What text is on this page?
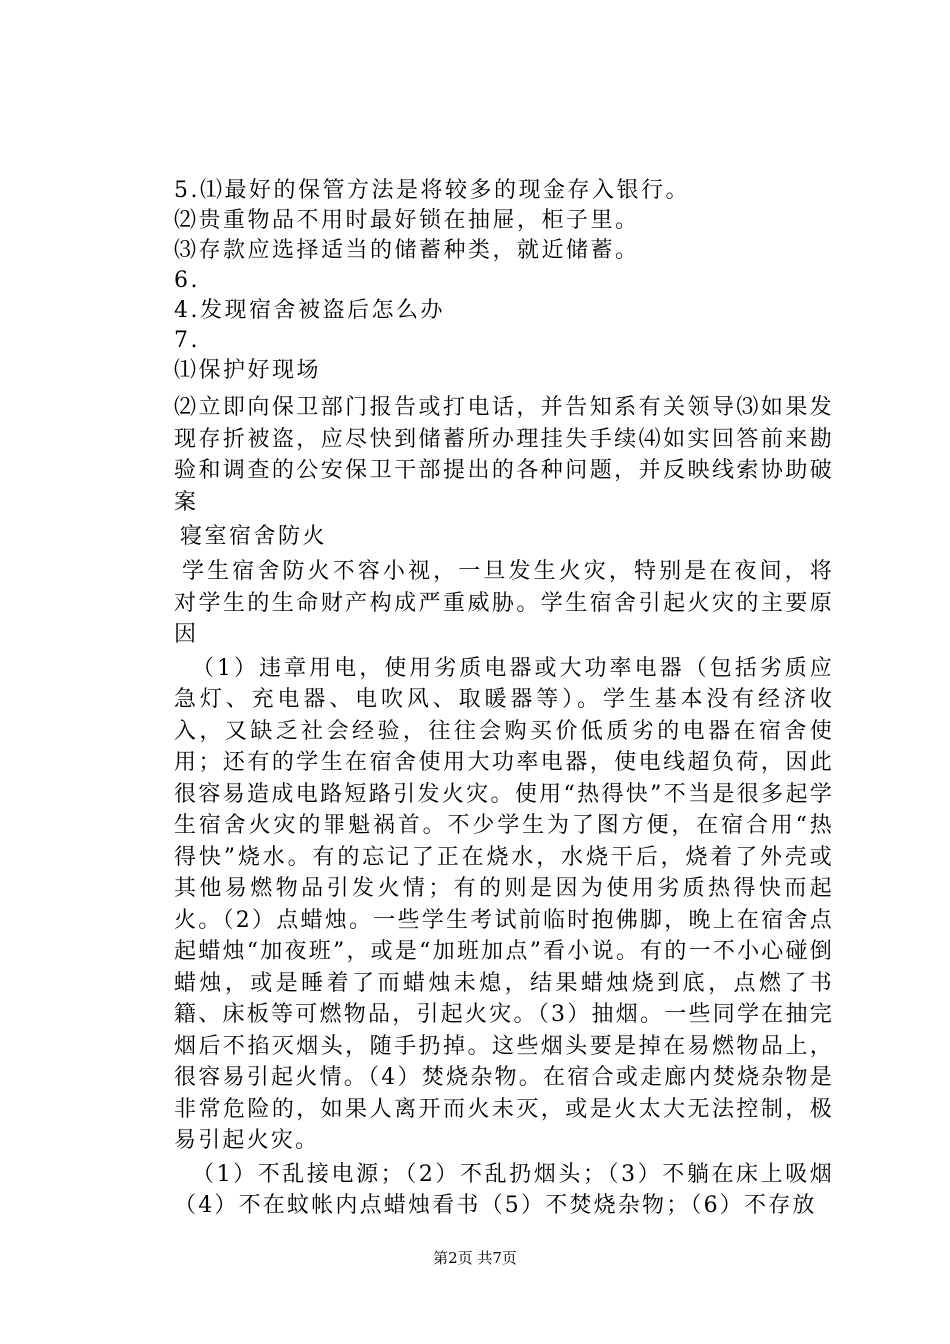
5.⑴最好的保管方法是将较多的现金存入银行。
⑵贵重物品不用时最好锁在抽屉，柜子里。
⑶存款应选择适当的储蓄种类，就近储蓄。
6.
4.发现宿舍被盗后怎么办
7.
⑴保护好现场
⑵立即向保卫部门报告或打电话，并告知系有关领导⑶如果发现存折被盗，应尽快到储蓄所办理挂失手续⑷如实回答前来勘验和调查的公安保卫干部提出的各种问题，并反映线索协助破案
寝室宿舍防火
学生宿舍防火不容小视，一旦发生火灾，特别是在夜间，将对学生的生命财产构成严重威胁。学生宿舍引起火灾的主要原因
（1）违章用电，使用劣质电器或大功率电器（包括劣质应急灯、充电器、电吹风、取暖器等）。学生基本没有经济收入，又缺乏社会经验，往往会购买价低质劣的电器在宿舍使用；还有的学生在宿舍使用大功率电器，使电线超负荷，因此很容易造成电路短路引发火灾。使用“热得快”不当是很多起学生宿舍火灾的罪魁祸首。不少学生为了图方便，在宿合用“热得快”烧水。有的忘记了正在烧水，水烧干后，烧着了外壳或其他易燃物品引发火情；有的则是因为使用劣质热得快而起火。（2）点蜡烛。一些学生考试前临时抱佛脚，晚上在宿舍点起蜡烛“加夜班”，或是“加班加点”看小说。有的一不小心碰倒蜡烛，或是睡着了而蜡烛未熄，结果蜡烛烧到底，点燃了书籍、床板等可燃物品，引起火灾。（3）抽烟。一些同学在抽完烟后不掐灭烟头，随手扔掉。这些烟头要是掉在易燃物品上，很容易引起火情。（4）焚烧杂物。在宿合或走廊内焚烧杂物是非常危险的，如果人离开而火未灭，或是火太大无法控制，极易引起火灾。
（1）不乱接电源；（2）不乱扔烟头；（3）不躺在床上吸烟（4）不在蚊帐内点蜡烛看书（5）不焚烧杂物；（6）不存放
第2页 共7页
